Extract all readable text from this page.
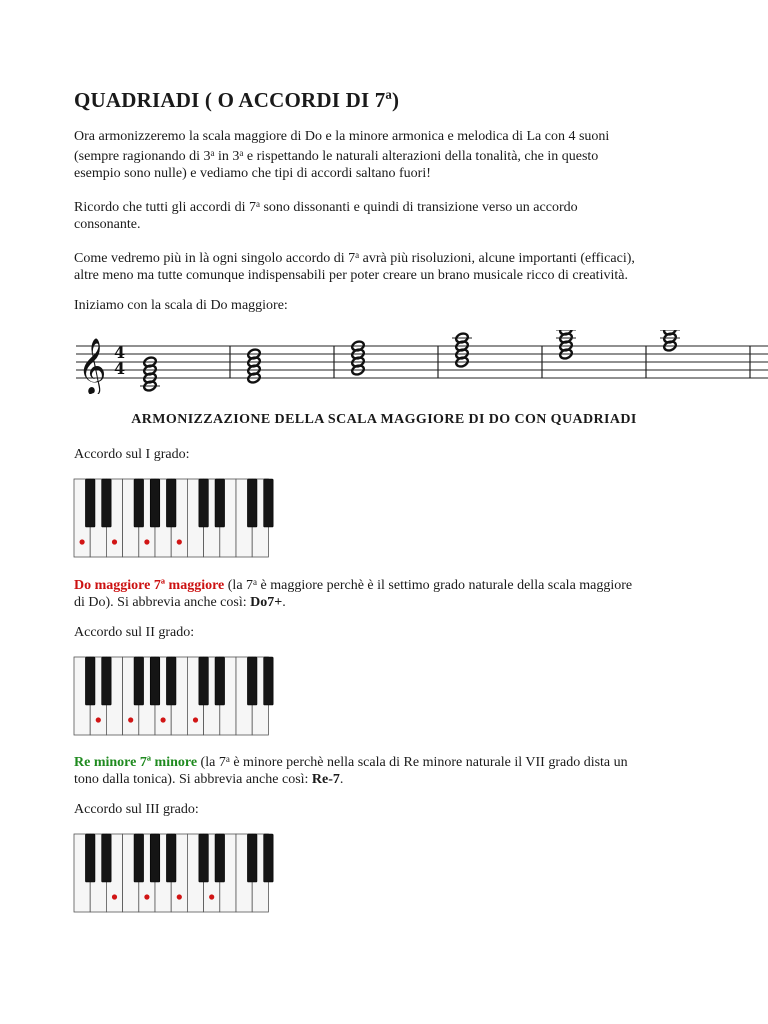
QUADRIADI ( O ACCORDI DI 7ª)

Ora armonizzeremo la scala maggiore di Do e la minore armonica e melodica di La con 4 suoni
(sempre ragionando di 3$^a$ in 3$^a$ e rispettando le naturali alterazioni della tonalità, che in questo
esempio sono nulle) e vediamo che tipi di accordi saltano fuori!

Ricordo che tutti gli accordi di 7$^a$ sono dissonanti e quindi di transizione verso un accordo
consonante.

Come vedremo più in là ogni singolo accordo di 7$^a$ avrà più risoluzioni, alcune importanti (efficaci),
altre meno ma tutte comunque indispensabili per poter creare un brano musicale ricco di creatività.

Iniziamo con la scala di Do maggiore:

𝄞 4
4

ARMONIZZAZIONE DELLA SCALA MAGGIORE DI DO CON QUADRIADI

Accordo sul I grado:

Do maggiore 7ª maggiore (la 7$^a$ è maggiore perchè è il settimo grado naturale della scala maggiore
di Do). Si abbrevia anche così: Do7+.

Accordo sul II grado:

Re minore 7ª minore (la 7$^a$ è minore perchè nella scala di Re minore naturale il VII grado dista un
tono dalla tonica). Si abbrevia anche così: Re-7.

Accordo sul III grado:
